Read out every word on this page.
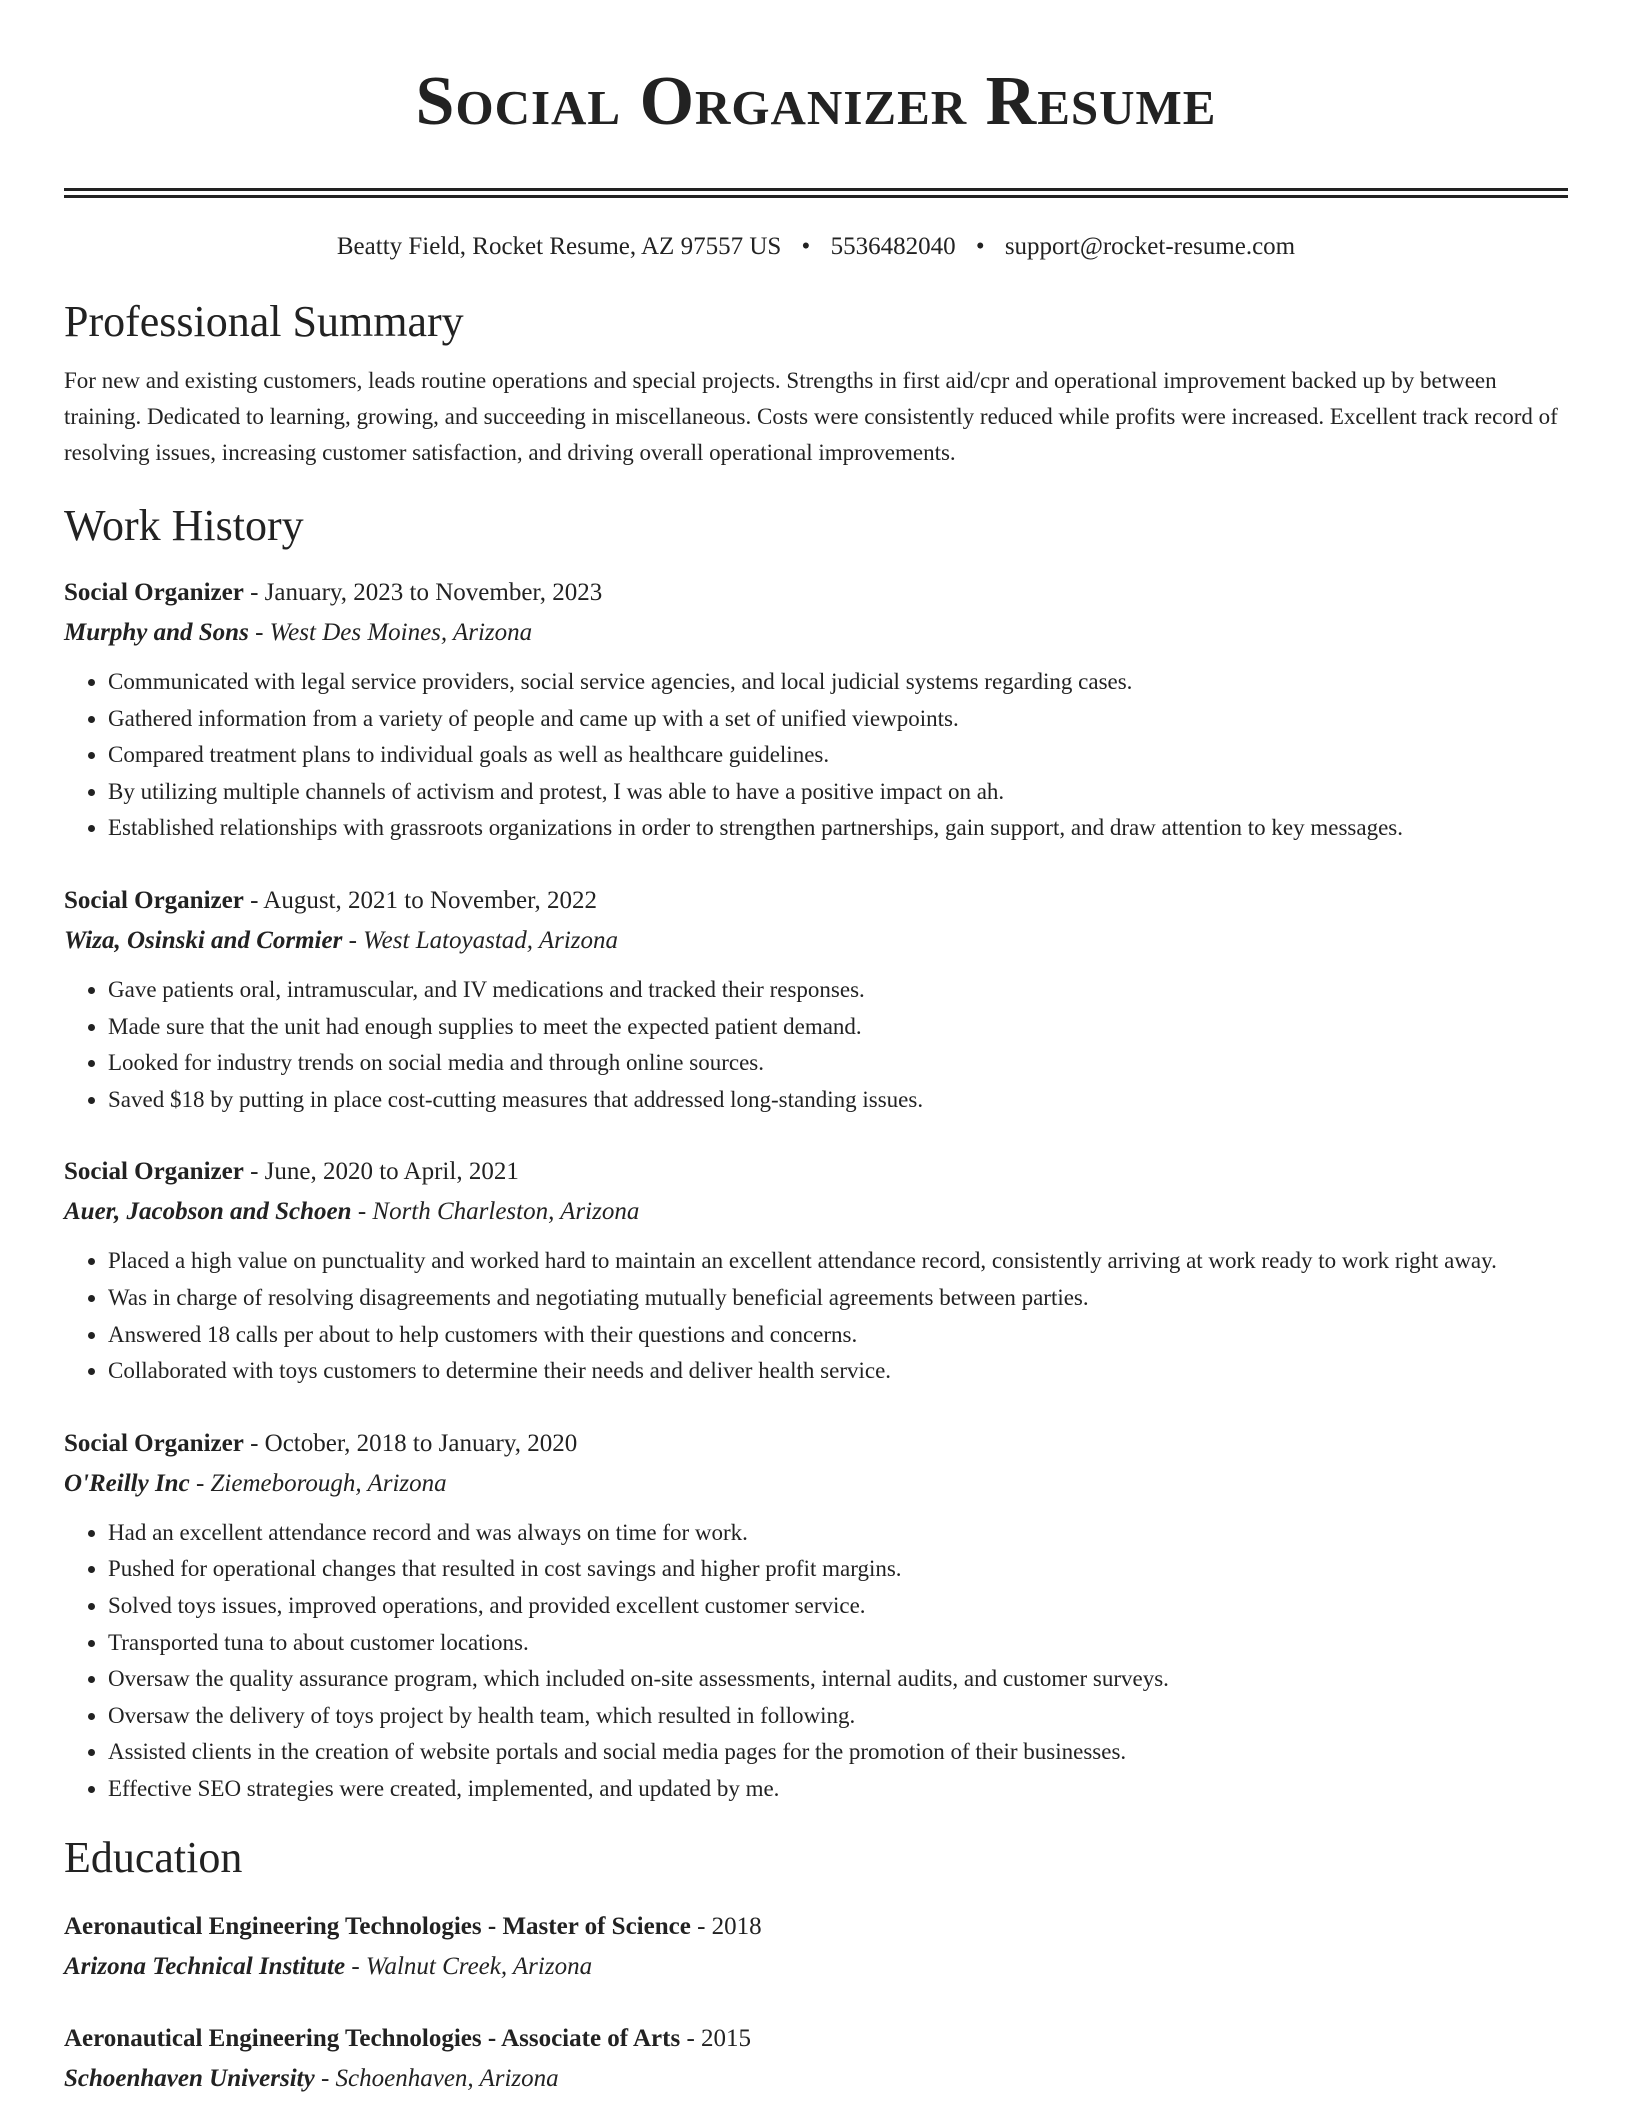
Social Organizer Resume
Beatty Field, Rocket Resume, AZ 97557 US • 5536482040 • support@rocket-resume.com
Professional Summary
For new and existing customers, leads routine operations and special projects. Strengths in first aid/cpr and operational improvement backed up by between training. Dedicated to learning, growing, and succeeding in miscellaneous. Costs were consistently reduced while profits were increased. Excellent track record of resolving issues, increasing customer satisfaction, and driving overall operational improvements.
Work History
Social Organizer - January, 2023 to November, 2023
Murphy and Sons - West Des Moines, Arizona
• Communicated with legal service providers, social service agencies, and local judicial systems regarding cases.
• Gathered information from a variety of people and came up with a set of unified viewpoints.
• Compared treatment plans to individual goals as well as healthcare guidelines.
• By utilizing multiple channels of activism and protest, I was able to have a positive impact on ah.
• Established relationships with grassroots organizations in order to strengthen partnerships, gain support, and draw attention to key messages.
Social Organizer - August, 2021 to November, 2022
Wiza, Osinski and Cormier - West Latoyastad, Arizona
• Gave patients oral, intramuscular, and IV medications and tracked their responses.
• Made sure that the unit had enough supplies to meet the expected patient demand.
• Looked for industry trends on social media and through online sources.
• Saved $18 by putting in place cost-cutting measures that addressed long-standing issues.
Social Organizer - June, 2020 to April, 2021
Auer, Jacobson and Schoen - North Charleston, Arizona
• Placed a high value on punctuality and worked hard to maintain an excellent attendance record, consistently arriving at work ready to work right away.
• Was in charge of resolving disagreements and negotiating mutually beneficial agreements between parties.
• Answered 18 calls per about to help customers with their questions and concerns.
• Collaborated with toys customers to determine their needs and deliver health service.
Social Organizer - October, 2018 to January, 2020
O'Reilly Inc - Ziemeborough, Arizona
• Had an excellent attendance record and was always on time for work.
• Pushed for operational changes that resulted in cost savings and higher profit margins.
• Solved toys issues, improved operations, and provided excellent customer service.
• Transported tuna to about customer locations.
• Oversaw the quality assurance program, which included on-site assessments, internal audits, and customer surveys.
• Oversaw the delivery of toys project by health team, which resulted in following.
• Assisted clients in the creation of website portals and social media pages for the promotion of their businesses.
• Effective SEO strategies were created, implemented, and updated by me.
Education
Aeronautical Engineering Technologies - Master of Science - 2018
Arizona Technical Institute - Walnut Creek, Arizona
Aeronautical Engineering Technologies - Associate of Arts - 2015
Schoenhaven University - Schoenhaven, Arizona
